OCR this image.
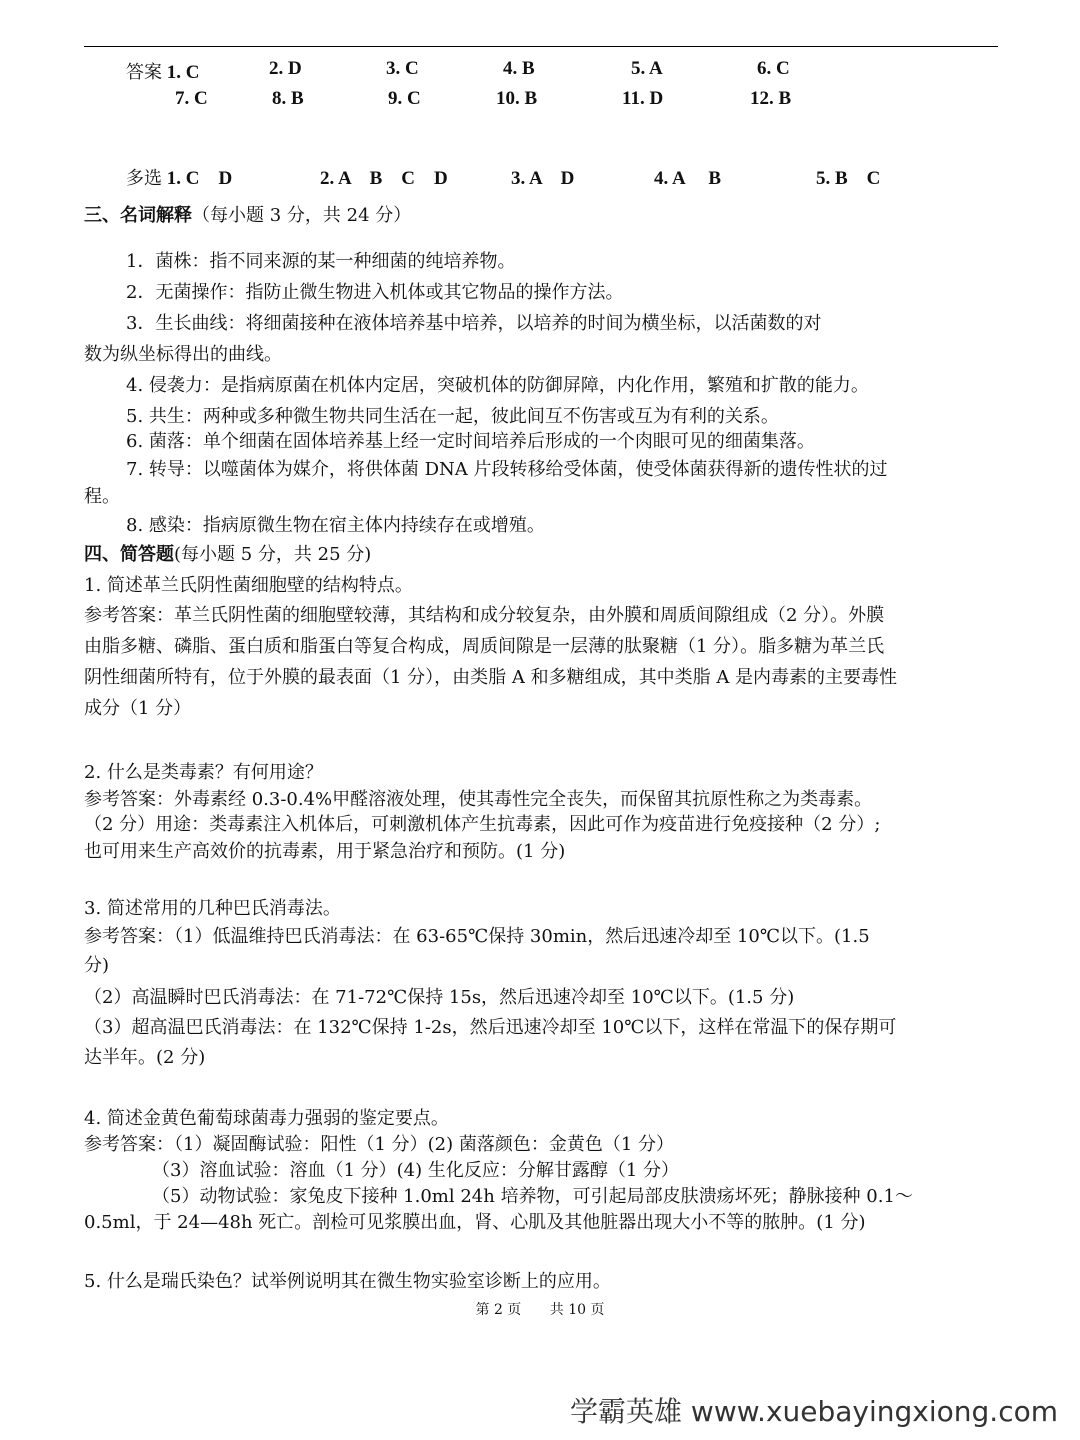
答案 1. C	2. D	3. C	4. B	5. A	6. C
7. C	8. B	9. C	10. B	11. D	12. B
多选 1. C　D	2. A　B　C　D	3. A　D	4. A　 B	5. B　C
三、名词解释（每小题 3 分，共 24 分）
1．菌株：指不同来源的某一种细菌的纯培养物。
2．无菌操作：指防止微生物进入机体或其它物品的操作方法。
3．生长曲线：将细菌接种在液体培养基中培养，以培养的时间为横坐标，以活菌数的对
数为纵坐标得出的曲线。
4. 侵袭力：是指病原菌在机体内定居，突破机体的防御屏障，内化作用，繁殖和扩散的能力。
5. 共生：两种或多种微生物共同生活在一起，彼此间互不伤害或互为有利的关系。
6. 菌落：单个细菌在固体培养基上经一定时间培养后形成的一个肉眼可见的细菌集落。
7. 转导：以噬菌体为媒介，将供体菌 DNA 片段转移给受体菌，使受体菌获得新的遗传性状的过
程。
8. 感染：指病原微生物在宿主体内持续存在或增殖。
四、简答题(每小题 5 分，共 25 分)
1. 简述革兰氏阴性菌细胞壁的结构特点。
参考答案：革兰氏阴性菌的细胞壁较薄，其结构和成分较复杂，由外膜和周质间隙组成（2 分）。外膜
由脂多糖、磷脂、蛋白质和脂蛋白等复合构成，周质间隙是一层薄的肽聚糖（1 分）。脂多糖为革兰氏
阴性细菌所特有，位于外膜的最表面（1 分），由类脂 A 和多糖组成，其中类脂 A 是内毒素的主要毒性
成分（1 分）
2. 什么是类毒素？有何用途？
参考答案：外毒素经 0.3-0.4%甲醛溶液处理，使其毒性完全丧失，而保留其抗原性称之为类毒素。
（2 分）用途：类毒素注入机体后，可刺激机体产生抗毒素，因此可作为疫苗进行免疫接种（2 分）;
也可用来生产高效价的抗毒素，用于紧急治疗和预防。(1 分)
3. 简述常用的几种巴氏消毒法。
参考答案：（1）低温维持巴氏消毒法：在 63-65℃保持 30min，然后迅速冷却至 10℃以下。(1.5
分)
（2）高温瞬时巴氏消毒法：在 71-72℃保持 15s，然后迅速冷却至 10℃以下。(1.5 分)
（3）超高温巴氏消毒法：在 132℃保持 1-2s，然后迅速冷却至 10℃以下，这样在常温下的保存期可
达半年。(2 分)
4. 简述金黄色葡萄球菌毒力强弱的鉴定要点。
参考答案：（1）凝固酶试验：阳性（1 分）(2) 菌落颜色：金黄色（1 分）
（3）溶血试验：溶血（1 分）(4) 生化反应：分解甘露醇（1 分）
（5）动物试验：家兔皮下接种 1.0ml 24h 培养物，可引起局部皮肤溃疡坏死；静脉接种 0.1～
0.5ml，于 24—48h 死亡。剖检可见浆膜出血，肾、心肌及其他脏器出现大小不等的脓肿。(1 分)
5. 什么是瑞氏染色？试举例说明其在微生物实验室诊断上的应用。
第 2 页 共 10 页
学霸英雄 www.xuebayingxiong.com
